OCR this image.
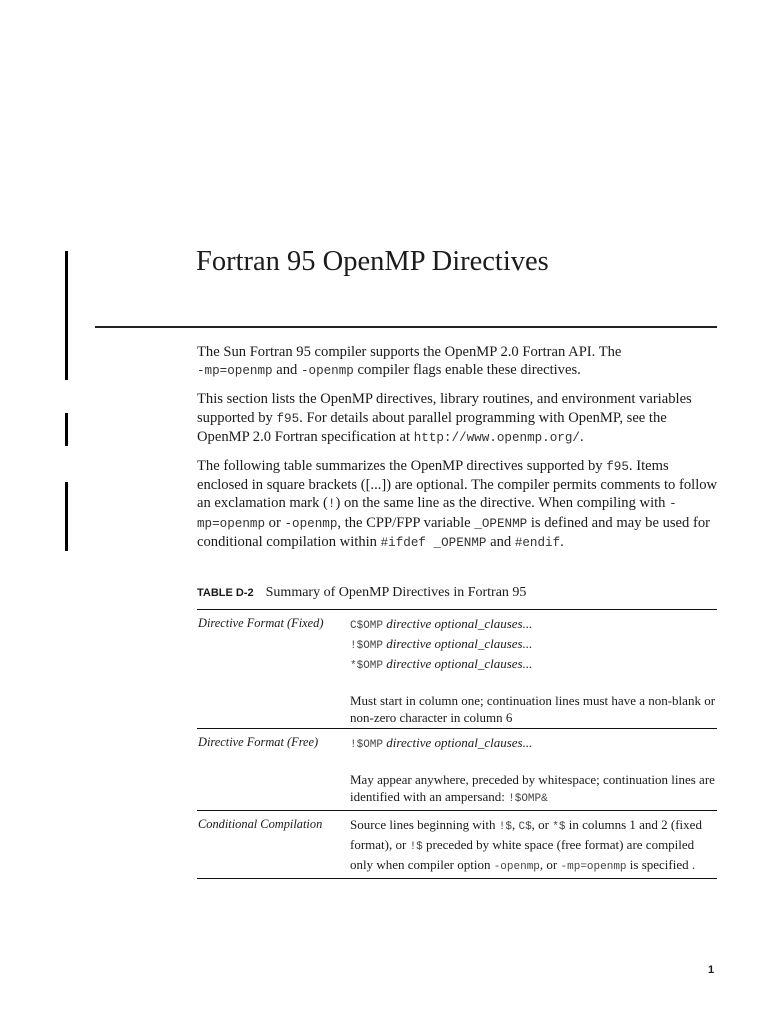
Fortran 95 OpenMP Directives

The Sun Fortran 95 compiler supports the OpenMP 2.0 Fortran API. The
-mp=openmp and -openmp compiler flags enable these directives.

This section lists the OpenMP directives, library routines, and environment variables supported by f95. For details about parallel programming with OpenMP, see the OpenMP 2.0 Fortran specification at http://www.openmp.org/.

The following table summarizes the OpenMP directives supported by f95. Items enclosed in square brackets ([...]) are optional. The compiler permits comments to follow an exclamation mark (!) on the same line as the directive. When compiling with -mp=openmp or -openmp, the CPP/FPP variable _OPENMP is defined and may be used for conditional compilation within #ifdef _OPENMP and #endif.

TABLE D-2 Summary of OpenMP Directives in Fortran 95
Directive Format (Fixed)	C$OMP directive optional_clauses...
!$OMP directive optional_clauses...
*$OMP directive optional_clauses...
Must start in column one; continuation lines must have a non-blank or non-zero character in column 6

Directive Format (Free)	!$OMP directive optional_clauses...
May appear anywhere, preceded by whitespace; continuation lines are identified with an ampersand: !$OMP&

Conditional Compilation	Source lines beginning with !$, C$, or *$ in columns 1 and 2 (fixed format), or !$ preceded by white space (free format) are compiled only when compiler option -openmp, or -mp=openmp is specified .
1
